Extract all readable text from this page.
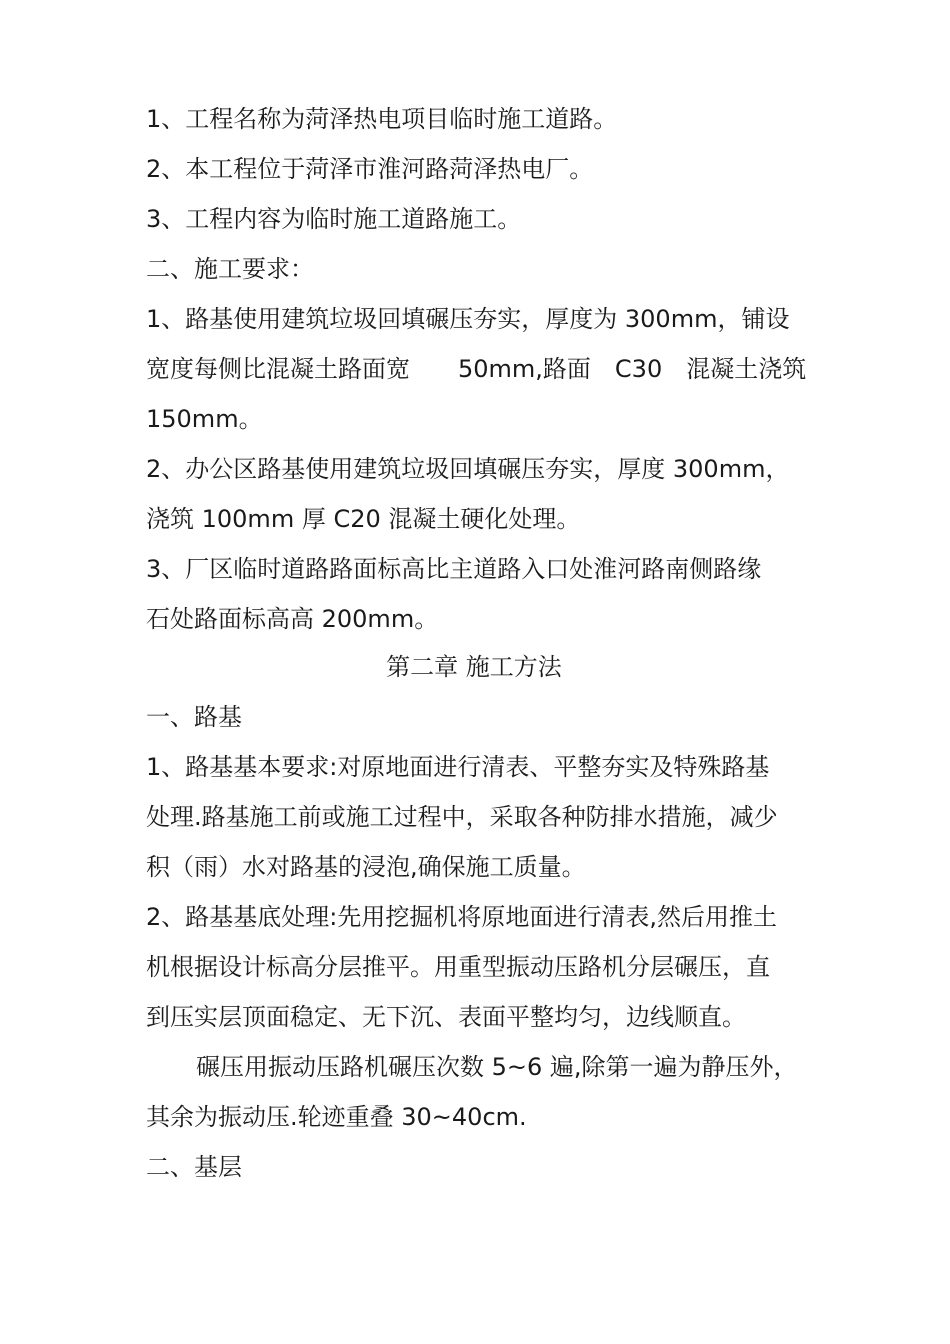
1、工程名称为菏泽热电项目临时施工道路。
2、本工程位于菏泽市淮河路菏泽热电厂。
3、工程内容为临时施工道路施工。
二、施工要求：
1、路基使用建筑垃圾回填碾压夯实，厚度为 300mm，铺设
宽度每侧比混凝土路面宽　　50mm,路面　C30　混凝土浇筑
150mm。
2、办公区路基使用建筑垃圾回填碾压夯实，厚度 300mm，
浇筑 100mm 厚 C20 混凝土硬化处理。
3、厂区临时道路路面标高比主道路入口处淮河路南侧路缘
石处路面标高高 200mm。
第二章 施工方法
一、路基
1、路基基本要求:对原地面进行清表、平整夯实及特殊路基
处理.路基施工前或施工过程中，采取各种防排水措施，减少
积（雨）水对路基的浸泡,确保施工质量。
2、路基基底处理:先用挖掘机将原地面进行清表,然后用推土
机根据设计标高分层推平。用重型振动压路机分层碾压，直
到压实层顶面稳定、无下沉、表面平整均匀，边线顺直。
碾压用振动压路机碾压次数 5~6 遍,除第一遍为静压外，
其余为振动压.轮迹重叠 30~40cm.
二、基层
